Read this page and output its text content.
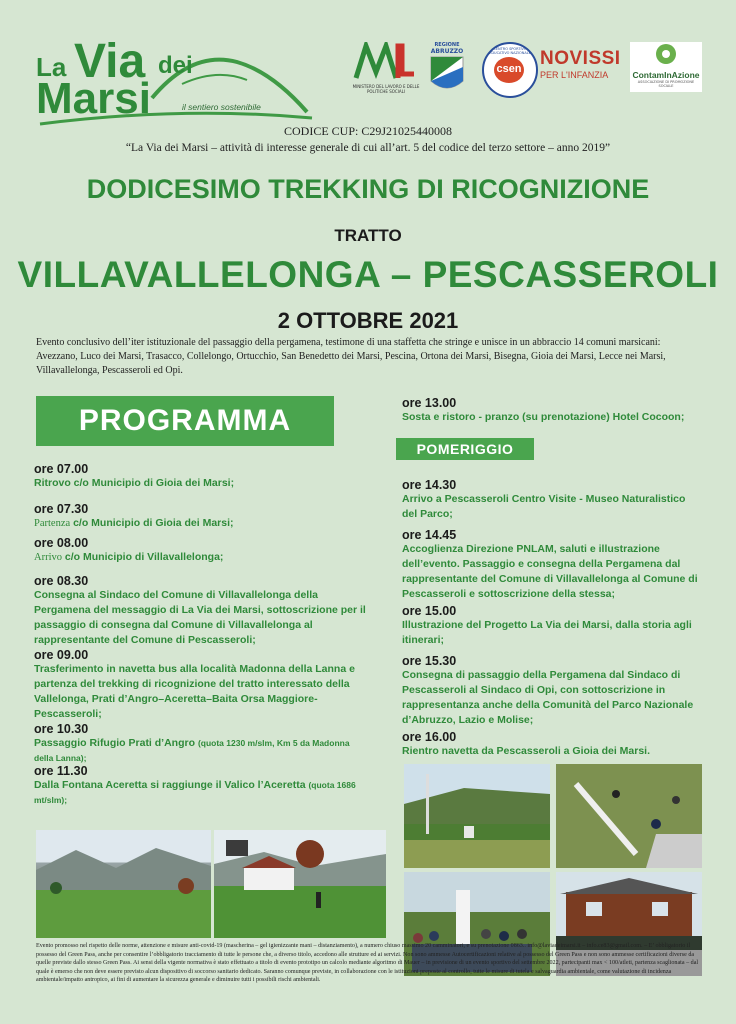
La Via dei
Marsi	il sentiero sostenibile
MINISTERO DEL LAVORO E DELLE POLITICHE SOCIALI
REGIONE
ABRUZZO	CENTRO SPORTIVO EDUCATIVO NAZIONALE
csen NOVISSI
PER L'INFANZIA	ContamInAzione
ASSOCIAZIONE DI PROMOZIONE SOCIALE
CODICE CUP: C29J21025440008
“La Via dei Marsi – attività di interesse generale di cui all’art. 5 del codice del terzo settore – anno 2019”
DODICESIMO TREKKING DI RICOGNIZIONE
TRATTO
VILLAVALLELONGA – PESCASSEROLI
2 OTTOBRE 2021
Evento conclusivo dell’iter istituzionale del passaggio della pergamena, testimone di una staffetta che stringe e unisce in un abbraccio 14 comuni marsicani: Avezzano, Luco dei Marsi, Trasacco, Collelongo, Ortucchio, San Benedetto dei Marsi, Pescina, Ortona dei Marsi, Bisegna, Gioia dei Marsi, Lecce nei Marsi, Villavallelonga, Pescasseroli ed Opi.
PROGRAMMA
ore 07.00
Ritrovo c/o Municipio di Gioia dei Marsi;
ore 07.30
Partenza c/o Municipio di Gioia dei Marsi;
ore 08.00
Arrivo c/o Municipio di Villavallelonga;
ore 08.30
Consegna al Sindaco del Comune di Villavallelonga della Pergamena del messaggio di La Via dei Marsi, sottoscrizione per il passaggio di consegna dal Comune di Villavallelonga al rappresentante del Comune di Pescasseroli;
ore 09.00
Trasferimento in navetta bus alla località Madonna della Lanna e partenza del trekking di ricognizione del tratto interessato della Vallelonga, Prati d’Angro–Aceretta–Baita Orsa Maggiore-Pescasseroli;
ore 10.30
Passaggio Rifugio Prati d’Angro (quota 1230 m/slm, Km 5 da Madonna della Lanna);
ore 11.30
Dalla Fontana Aceretta si raggiunge il Valico l’Aceretta (quota 1686 mt/slm);
ore 13.00
Sosta e ristoro - pranzo (su prenotazione) Hotel Cocoon;
POMERIGGIO
ore 14.30
Arrivo a Pescasseroli Centro Visite - Museo Naturalistico del Parco;
ore 14.45
Accoglienza Direzione PNLAM, saluti e illustrazione dell’evento. Passaggio e consegna della Pergamena dal rappresentante del Comune di Villavallelonga al Comune di Pescasseroli e sottoscrizione della stessa;
ore 15.00
Illustrazione del Progetto La Via dei Marsi, dalla storia agli itinerari;
ore 15.30
Consegna di passaggio della Pergamena dal Sindaco di Pescasseroli al Sindaco di Opi, con sottoscrizione in rappresentanza anche della Comunità del Parco Nazionale d’Abruzzo, Lazio e Molise;
ore 16.00
Rientro navetta da Pescasseroli a Gioia dei Marsi.
Evento promosso nel rispetto delle norme, attenzione e misure anti-covid-19 (mascherina – gel igienizzante mani – distanziamento), a numero chiuso massimo 20 camminatori, e su prenotazione 0863.. info@laviadeimarsi.it – info.ce83@gmail.com. – E’ obbligatorio il possesso del Green Pass, anche per consentire l’obbligatorio tracciamento di tutte le persone che, a diverso titolo, accedono alle strutture ed ai servizi. Non sono ammesse Autocertificazioni relative al possesso del Green Pass e non sono ammesse certificazioni diverse da quelle previste dallo stesso Green Pass. Ai sensi della vigente normativa è stato effettuato a titolo di evento prototipo un calcolo mediante algoritmo di Mauer – in previsione di un evento sportivo del settembre 2022, partecipanti max < 100/atleti, partenza scaglionata – dal quale è emerso che non deve essere previsto alcun dispositivo di soccorso sanitario dedicato. Saranno comunque previste, in collaborazione con le istituzioni preposte al controllo, tutte le misure di tutela e salvaguardia ambientale, come valutazione di incidenza ambientale/impatto antropico, ai fini di aumentare la sicurezza generale e diminuire tutti i possibili rischi ambientali.
